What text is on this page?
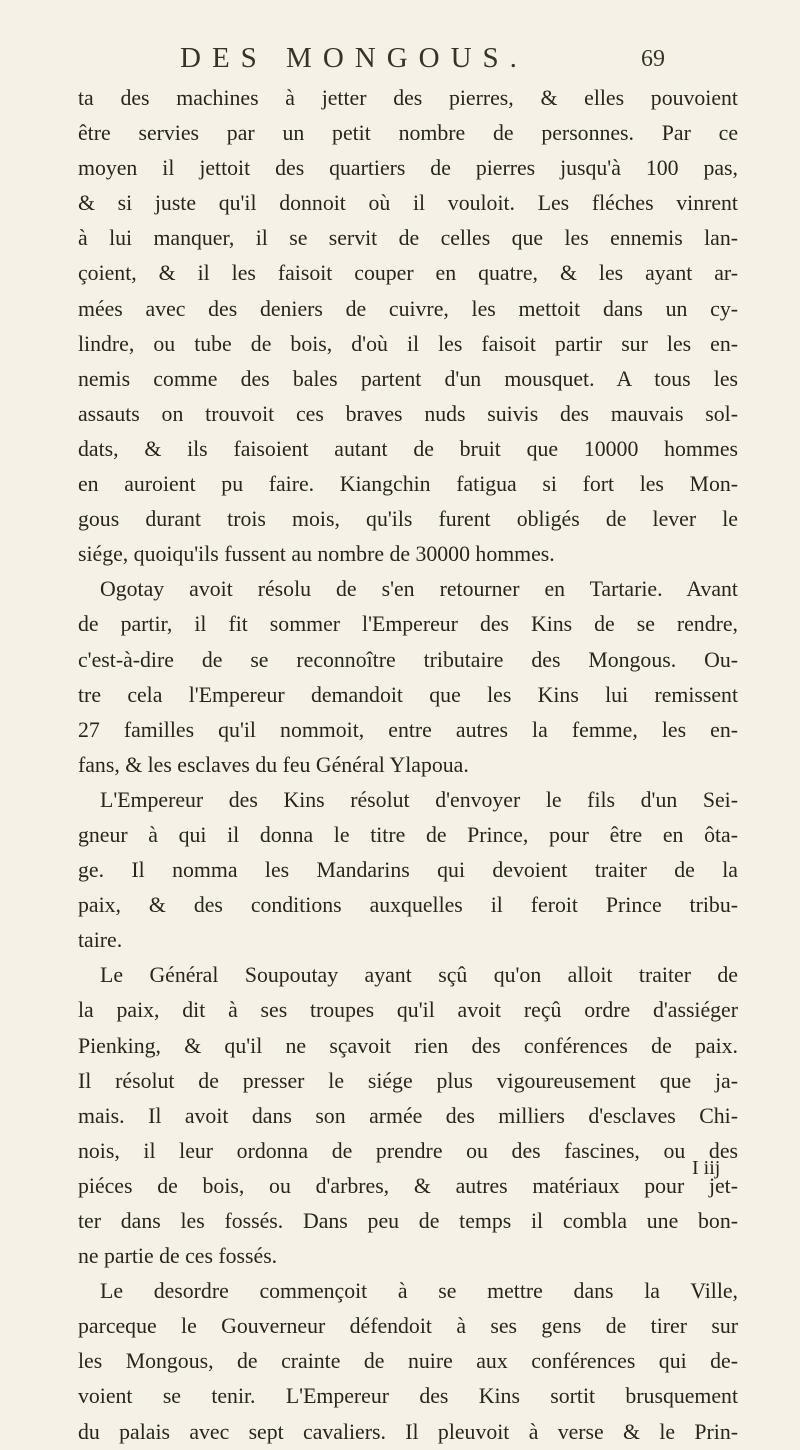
DES MONGOUS.	69
ta des machines à jetter des pierres, & elles pouvoient
être servies par un petit nombre de personnes. Par ce
moyen il jettoit des quartiers de pierres jusqu'à 100 pas,
& si juste qu'il donnoit où il vouloit. Les fléches vinrent
à lui manquer, il se servit de celles que les ennemis lan-
çoient, & il les faisoit couper en quatre, & les ayant ar-
mées avec des deniers de cuivre, les mettoit dans un cy-
lindre, ou tube de bois, d'où il les faisoit partir sur les en-
nemis comme des bales partent d'un mousquet. A tous les
assauts on trouvoit ces braves nuds suivis des mauvais sol-
dats, & ils faisoient autant de bruit que 10000 hommes
en auroient pu faire. Kiangchin fatigua si fort les Mon-
gous durant trois mois, qu'ils furent obligés de lever le
siége, quoiqu'ils fussent au nombre de 30000 hommes.
Ogotay avoit résolu de s'en retourner en Tartarie. Avant
de partir, il fit sommer l'Empereur des Kins de se rendre,
c'est-à-dire de se reconnoître tributaire des Mongous. Ou-
tre cela l'Empereur demandoit que les Kins lui remissent
27 familles qu'il nommoit, entre autres la femme, les en-
fans, & les esclaves du feu Général Ylapoua.
L'Empereur des Kins résolut d'envoyer le fils d'un Sei-
gneur à qui il donna le titre de Prince, pour être en ôta-
ge. Il nomma les Mandarins qui devoient traiter de la
paix, & des conditions auxquelles il feroit Prince tribu-
taire.
Le Général Soupoutay ayant sçû qu'on alloit traiter de
la paix, dit à ses troupes qu'il avoit reçû ordre d'assiéger
Pienking, & qu'il ne sçavoit rien des conférences de paix.
Il résolut de presser le siége plus vigoureusement que ja-
mais. Il avoit dans son armée des milliers d'esclaves Chi-
nois, il leur ordonna de prendre ou des fascines, ou des
piéces de bois, ou d'arbres, & autres matériaux pour jet-
ter dans les fossés. Dans peu de temps il combla une bon-
ne partie de ces fossés.
Le desordre commençoit à se mettre dans la Ville,
parceque le Gouverneur défendoit à ses gens de tirer sur
les Mongous, de crainte de nuire aux conférences qui de-
voient se tenir. L'Empereur des Kins sortit brusquement
du palais avec sept cavaliers. Il pleuvoit à verse & le Prin-
I iij
